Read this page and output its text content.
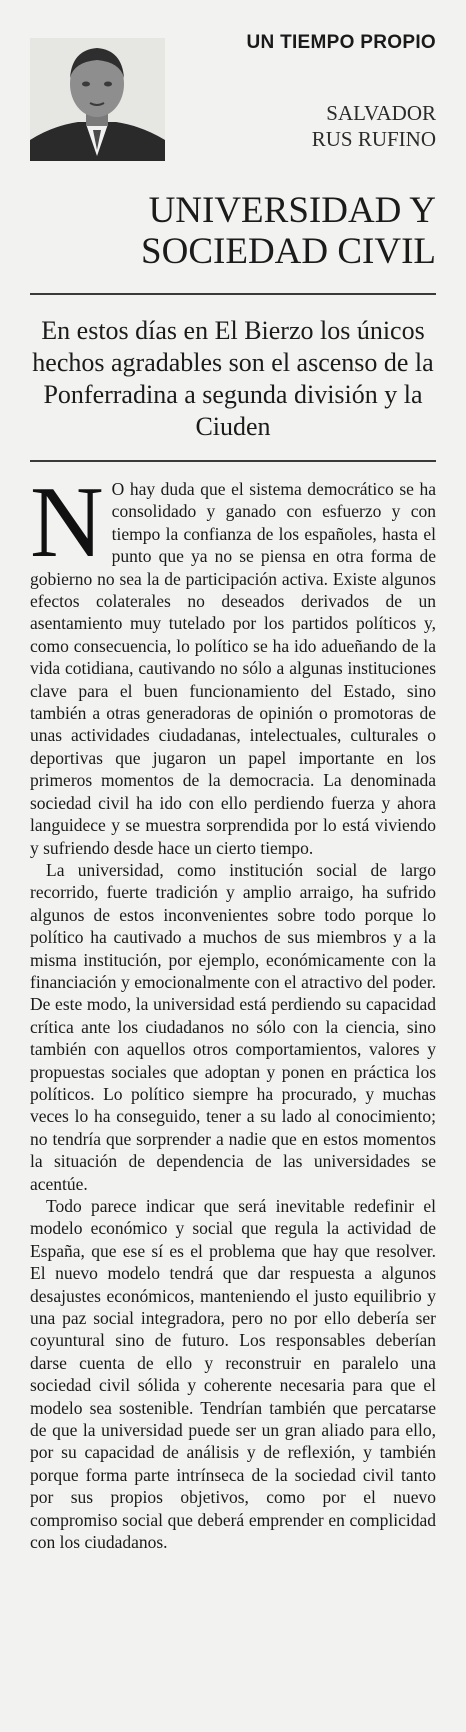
UN TIEMPO PROPIO
SALVADOR
RUS RUFINO
UNIVERSIDAD Y
SOCIEDAD CIVIL
En estos días en El Bierzo los únicos hechos agradables son el ascenso de la Ponferradina a segunda división y la Ciuden

N O hay duda que el sistema democrático se ha consolidado y ganado con esfuerzo y con tiempo la confianza de los españoles, hasta el punto que ya no se piensa en otra forma de gobierno no sea la de participación activa. Existe algunos efectos colaterales no deseados derivados de un asentamiento muy tutelado por los partidos políticos y, como consecuencia, lo político se ha ido adueñando de la vida cotidiana, cautivando no sólo a algunas instituciones clave para el buen funcionamiento del Estado, sino también a otras generadoras de opinión o promotoras de unas actividades ciudadanas, intelectuales, culturales o deportivas que jugaron un papel importante en los primeros momentos de la democracia. La denominada sociedad civil ha ido con ello perdiendo fuerza y ahora languidece y se muestra sorprendida por lo está viviendo y sufriendo desde hace un cierto tiempo.

La universidad, como institución social de largo recorrido, fuerte tradición y amplio arraigo, ha sufrido algunos de estos inconvenientes sobre todo porque lo político ha cautivado a muchos de sus miembros y a la misma institución, por ejemplo, económicamente con la financiación y emocionalmente con el atractivo del poder. De este modo, la universidad está perdiendo su capacidad crítica ante los ciudadanos no sólo con la ciencia, sino también con aquellos otros comportamientos, valores y propuestas sociales que adoptan y ponen en práctica los políticos. Lo político siempre ha procurado, y muchas veces lo ha conseguido, tener a su lado al conocimiento; no tendría que sorprender a nadie que en estos momentos la situación de dependencia de las universidades se acentúe.

Todo parece indicar que será inevitable redefinir el modelo económico y social que regula la actividad de España, que ese sí es el problema que hay que resolver. El nuevo modelo tendrá que dar respuesta a algunos desajustes económicos, manteniendo el justo equilibrio y una paz social integradora, pero no por ello debería ser coyuntural sino de futuro. Los responsables deberían darse cuenta de ello y reconstruir en paralelo una sociedad civil sólida y coherente necesaria para que el modelo sea sostenible. Tendrían también que percatarse de que la universidad puede ser un gran aliado para ello, por su capacidad de análisis y de reflexión, y también porque forma parte intrínseca de la sociedad civil tanto por sus propios objetivos, como por el nuevo compromiso social que deberá emprender en complicidad con los ciudadanos.
